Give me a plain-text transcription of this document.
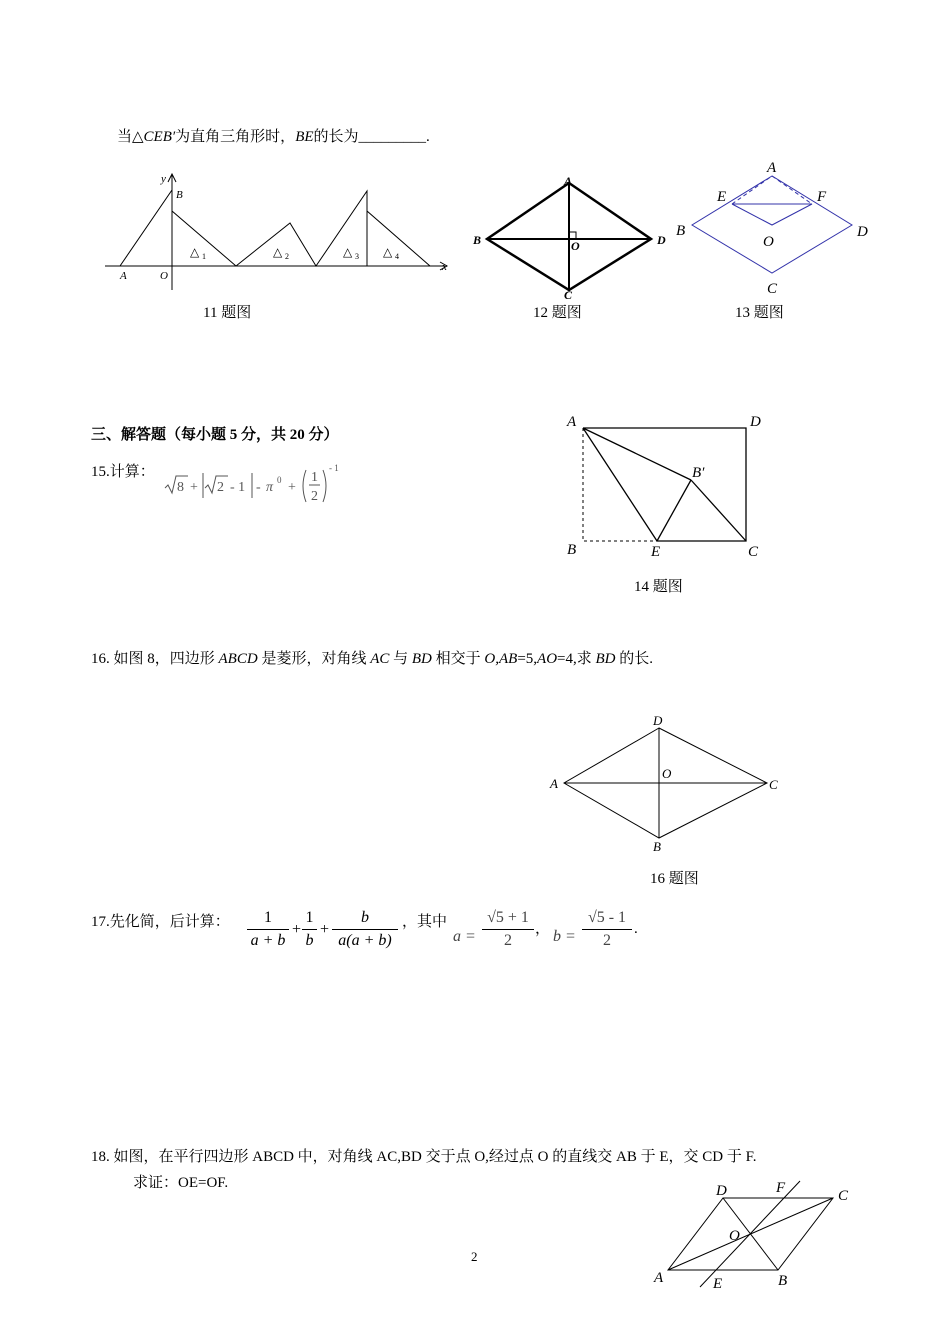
当△CEB′为直角三角形时，BE的长为_________.
y
B
x
A	O
△ 1	△ 2	△ 3 △ 4
A
B
C
D
O
A
B
C
D
E	F
O
11 题图	12 题图	13 题图
三、解答题（每小题 5 分，共 20 分）
15.计算：
8 + 2 - 1 - π 0 +
1
2
- 1
A	D
B	E	C
B′
14 题图
16. 如图 8，四边形 ABCD 是菱形，对角线 AC 与 BD 相交于 O,AB=5,AO=4,求 BD 的长.
D
A	C
O
B
16 题图
17.先化简，后计算： $\frac{1}{a + b} + \frac{1}{b} + \frac{b}{a(a + b)}$ ，其中
$a = \frac{√5 + 1}{2}$ ， $b = \frac{√5 - 1}{2}$ .
18. 如图，在平行四边形 ABCD 中，对角线 AC,BD 交于点 O,经过点 O 的直线交 AB 于 E，交 CD 于 F.
求证：OE=OF.	D	F	C
O
A	E	B
2
